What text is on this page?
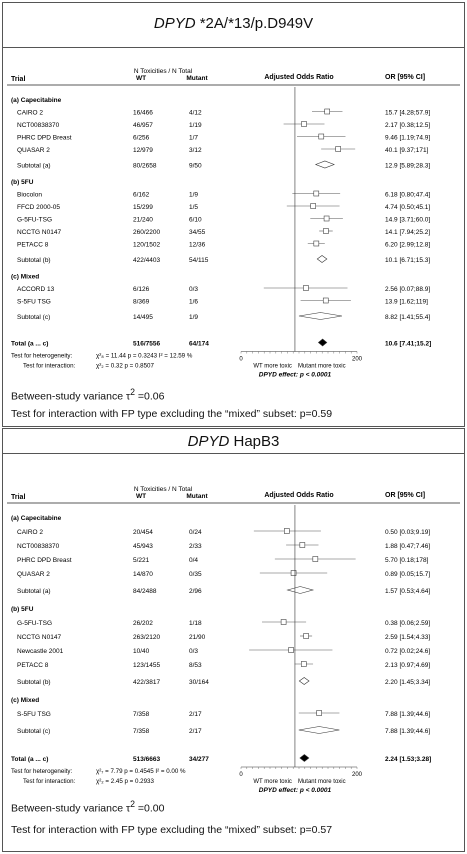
DPYD *2A/*13/p.D949V
N Toxicities / N Total
Trial	WT	Mutant	Adjusted Odds Ratio	OR [95% CI]
(a) Capecitabine
CAIRO 2	16/466	4/12	15.7 [4.28;57.9]
NCT00838370	46/957	1/19	2.17 [0.38;12.5]
PHRC DPD Breast	6/256	1/7	9.46 [1.19;74.9]
QUASAR 2	12/979	3/12	40.1 [9.37;171]
Subtotal (a)	80/2658	9/50	12.9 [5.89;28.3]
(b) 5FU
Biocolon	6/162	1/9	6.18 [0.80;47.4]
FFCD 2000-05	15/299	1/5	4.74 [0.50;45.1]
G-5FU-TSG	21/240	6/10	14.9 [3.71;60.0]
NCCTG N0147	260/2200	34/55	14.1 [7.94;25.2]
PETACC 8	120/1502	12/36	6.20 [2.99;12.8]
Subtotal (b)	422/4403	54/115	10.1 [6.71;15.3]
(c) Mixed
ACCORD 13	6/126	0/3	2.56 [0.07;88.9]
S-5FU TSG	8/369	1/6	13.9 [1.62;119]
Subtotal (c)	14/495	1/9	8.82 [1.41;55.4]
Total (a ... c)	516/7556	64/174	10.6 [7.41;15.2]
0	200
WT more toxic Mutant more toxic
DPYD effect: p < 0.0001
Test for heterogeneity:	χ²₈ = 11.44 p = 0.3243 I² = 12.59 %
Test for interaction:	χ²₂ = 0.32 p = 0.8507
Between-study variance $\tau^2 =0.06$
Test for interaction with FP type excluding the “mixed” subset: p=0.59
DPYD HapB3
N Toxicities / N Total
Trial	WT	Mutant	Adjusted Odds Ratio	OR [95% CI]
(a) Capecitabine
CAIRO 2	20/454	0/24	0.50 [0.03;9.19]
NCT00838370	45/943	2/33	1.88 [0.47;7.46]
PHRC DPD Breast	5/221	0/4	5.70 [0.18;178]
QUASAR 2	14/870	0/35	0.89 [0.05;15.7]
Subtotal (a)	84/2488	2/96	1.57 [0.53;4.64]
(b) 5FU
G-5FU-TSG	26/202	1/18	0.38 [0.06;2.59]
NCCTG N0147	263/2120	21/90	2.59 [1.54;4.33]
Newcastle 2001	10/40	0/3	0.72 [0.02;24.6]
PETACC 8	123/1455	8/53	2.13 [0.97;4.69]
Subtotal (b)	422/3817	30/164	2.20 [1.45;3.34]
(c) Mixed
S-5FU TSG	7/358	2/17	7.88 [1.39;44.6]
Subtotal (c)	7/358	2/17	7.88 [1.39;44.6]
Total (a ... c)	513/6663	34/277	2.24 [1.53;3.28]
0	200
WT more toxic Mutant more toxic
DPYD effect: p < 0.0001
Test for heterogeneity:	χ²₇ = 7.79 p = 0.4545 I² = 0.00 %
Test for interaction:	χ²₂ = 2.45 p = 0.2933
Between-study variance $\tau^2 =0.00$
Test for interaction with FP type excluding the “mixed” subset: p=0.57
